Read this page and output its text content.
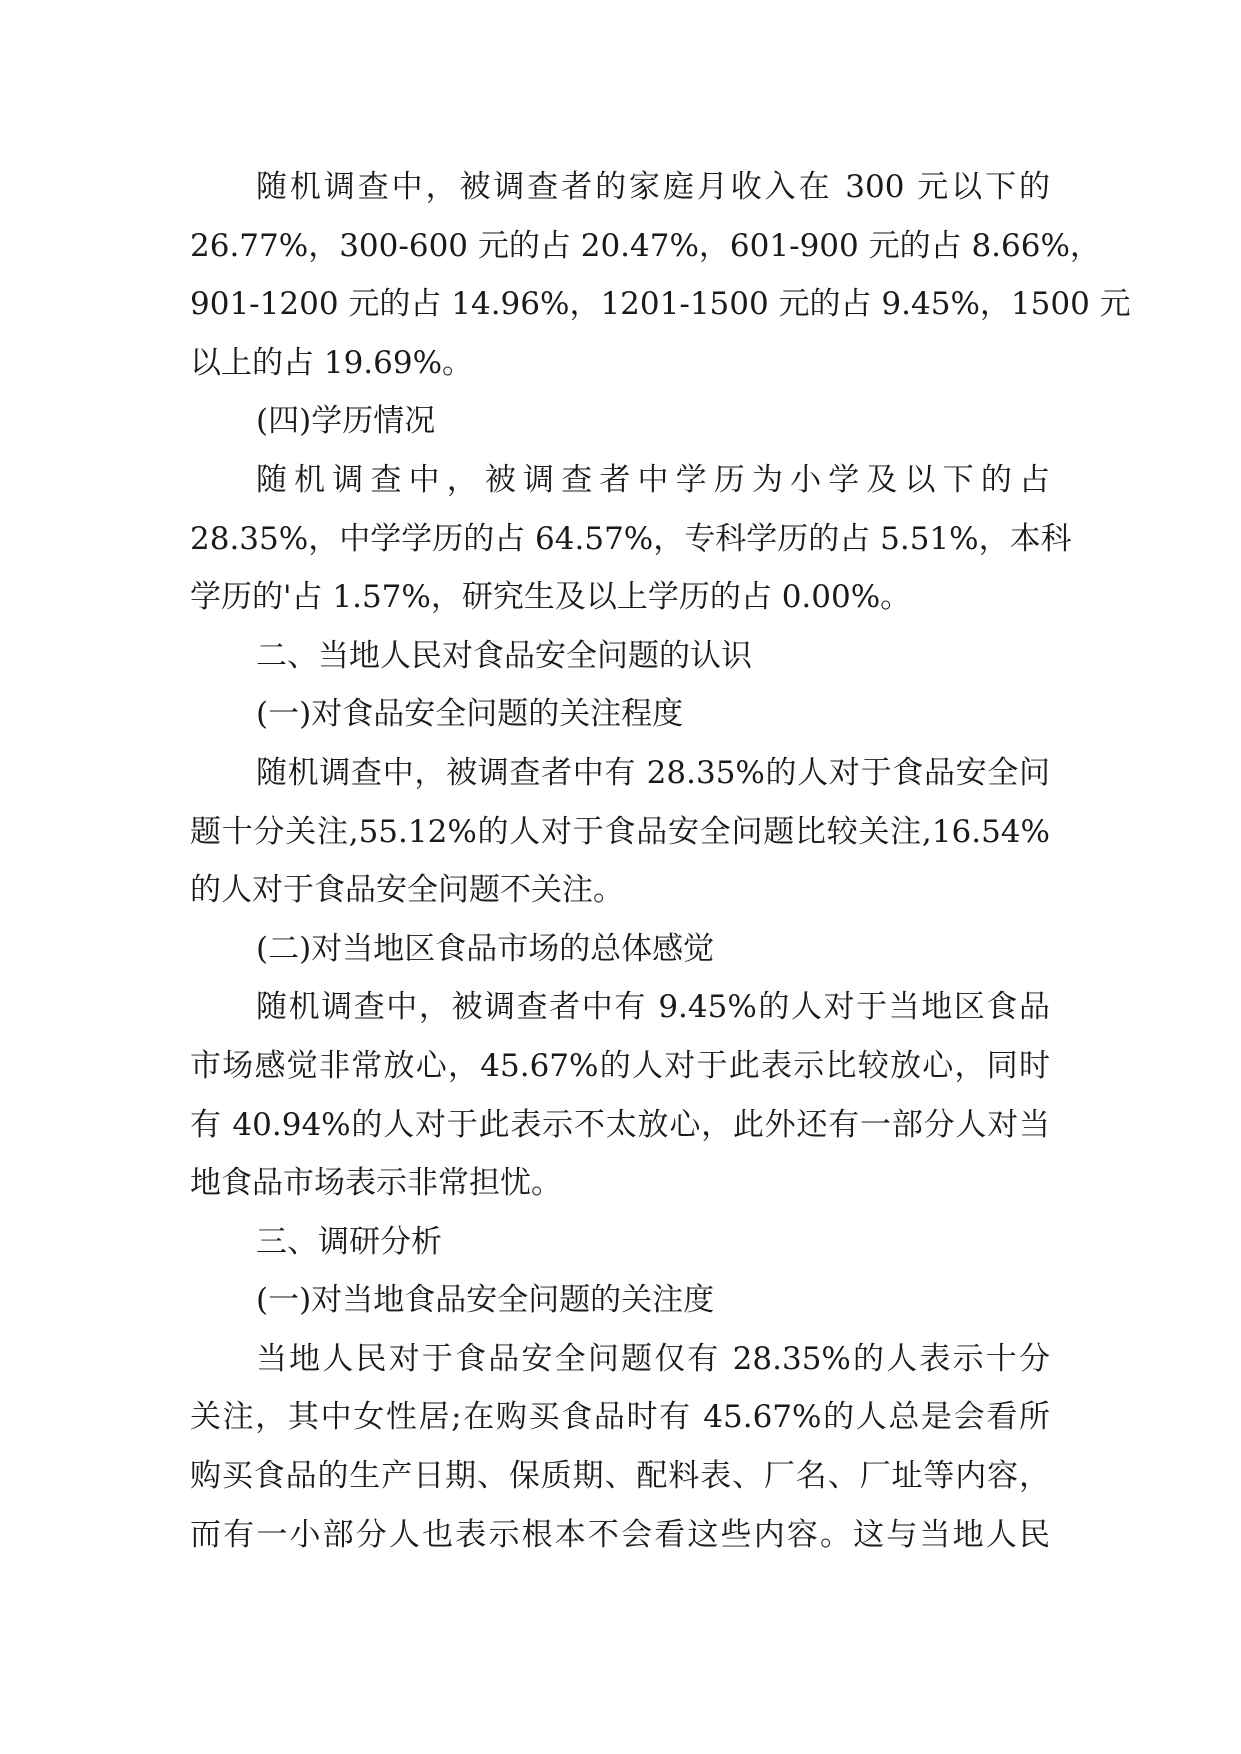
随机调查中，被调查者的家庭月收入在 300 元以下的
26.77%，300-600 元的占 20.47%，601-900 元的占 8.66%，
901-1200 元的占 14.96%，1201-1500 元的占 9.45%，1500 元
以上的占 19.69%。
(四)学历情况
随机调查中，被调查者中学历为小学及以下的占
28.35%，中学学历的占 64.57%，专科学历的占 5.51%，本科
学历的'占 1.57%，研究生及以上学历的占 0.00%。
二、当地人民对食品安全问题的认识
(一)对食品安全问题的关注程度
随机调查中，被调查者中有 28.35%的人对于食品安全问
题十分关注,55.12%的人对于食品安全问题比较关注,16.54%
的人对于食品安全问题不关注。
(二)对当地区食品市场的总体感觉
随机调查中，被调查者中有 9.45%的人对于当地区食品
市场感觉非常放心，45.67%的人对于此表示比较放心，同时
有 40.94%的人对于此表示不太放心，此外还有一部分人对当
地食品市场表示非常担忧。
三、调研分析
(一)对当地食品安全问题的关注度
当地人民对于食品安全问题仅有 28.35%的人表示十分
关注，其中女性居;在购买食品时有 45.67%的人总是会看所
购买食品的生产日期、保质期、配料表、厂名、厂址等内容，
而有一小部分人也表示根本不会看这些内容。这与当地人民
